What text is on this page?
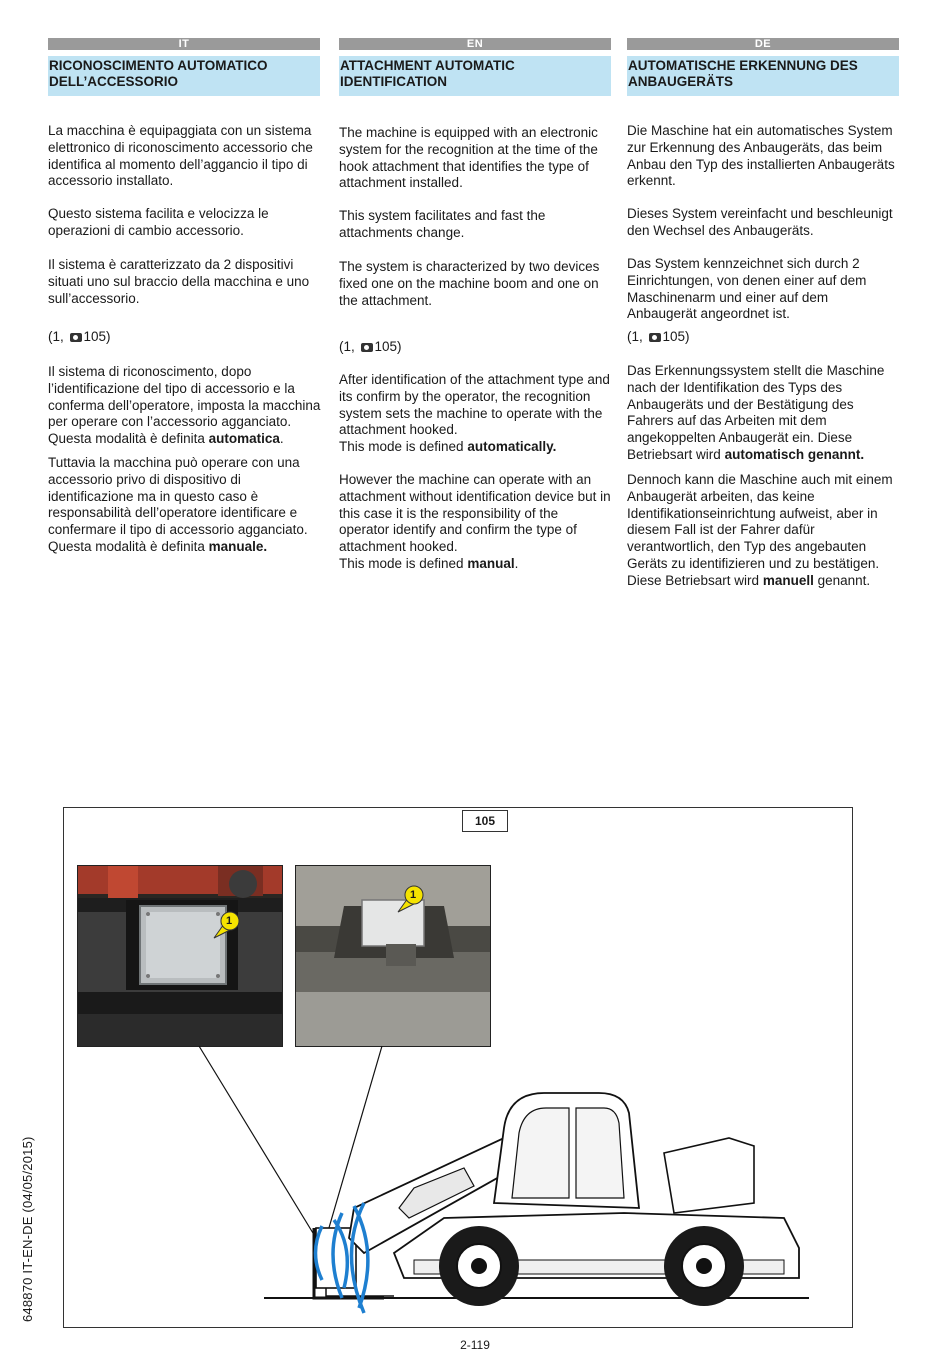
IT
RICONOSCIMENTO AUTOMATICO DELL’ACCESSORIO

La macchina è equipaggiata con un sistema elettronico di riconoscimento accessorio che identifica al momento dell’aggancio il tipo di accessorio installato.

Questo sistema facilita e velocizza le operazioni di cambio accessorio.

Il sistema è caratterizzato da 2 dispositivi situati uno sul braccio della macchina e uno sull’accessorio.

(1, 105)

Il sistema di riconoscimento, dopo l’identificazione del tipo di accessorio e la conferma dell’operatore, imposta la macchina per operare con l’accessorio agganciato. Questa modalità è definita automatica.

Tuttavia la macchina può operare con una accessorio privo di dispositivo di identificazione ma in questo caso è responsabilità dell’operatore identificare e confermare il tipo di accessorio agganciato. Questa modalità è definita manuale.

EN
ATTACHMENT AUTOMATIC IDENTIFICATION

The machine is equipped with an electronic system for the recognition at the time of the hook attachment that identifies the type of attachment installed.

This system facilitates and fast the attachments change.

The system is characterized by two devices fixed one on the machine boom and one on the attachment.

(1, 105)

After identification of the attachment type and its confirm by the operator, the recognition system sets the machine to operate with the attachment hooked.
This mode is defined automatically.

However the machine can operate with an attachment without identification device but in this case it is the responsibility of the operator identify and confirm the type of attachment hooked.
This mode is defined manual.

DE
AUTOMATISCHE ERKENNUNG DES ANBAUGERÄTS

Die Maschine hat ein automatisches System zur Erkennung des Anbaugeräts, das beim Anbau den Typ des installierten Anbaugeräts erkennt.

Dieses System vereinfacht und beschleunigt den Wechsel des Anbaugeräts.

Das System kennzeichnet sich durch 2 Einrichtungen, von denen einer auf dem Maschinenarm und einer auf dem Anbaugerät angeordnet ist.

(1, 105)

Das Erkennungssystem stellt die Maschine nach der Identifikation des Typs des Anbaugeräts und der Bestätigung des Fahrers auf das Arbeiten mit dem angekoppelten Anbaugerät ein. Diese Betriebsart wird automatisch genannt.

Dennoch kann die Maschine auch mit einem Anbaugerät arbeiten, das keine Identifikationseinrichtung aufweist, aber in diesem Fall ist der Fahrer dafür verantwortlich, den Typ des angebauten Geräts zu identifizieren und zu bestätigen. Diese Betriebsart wird manuell genannt.

105
1
1
648870 IT-EN-DE (04/05/2015)
2-119
